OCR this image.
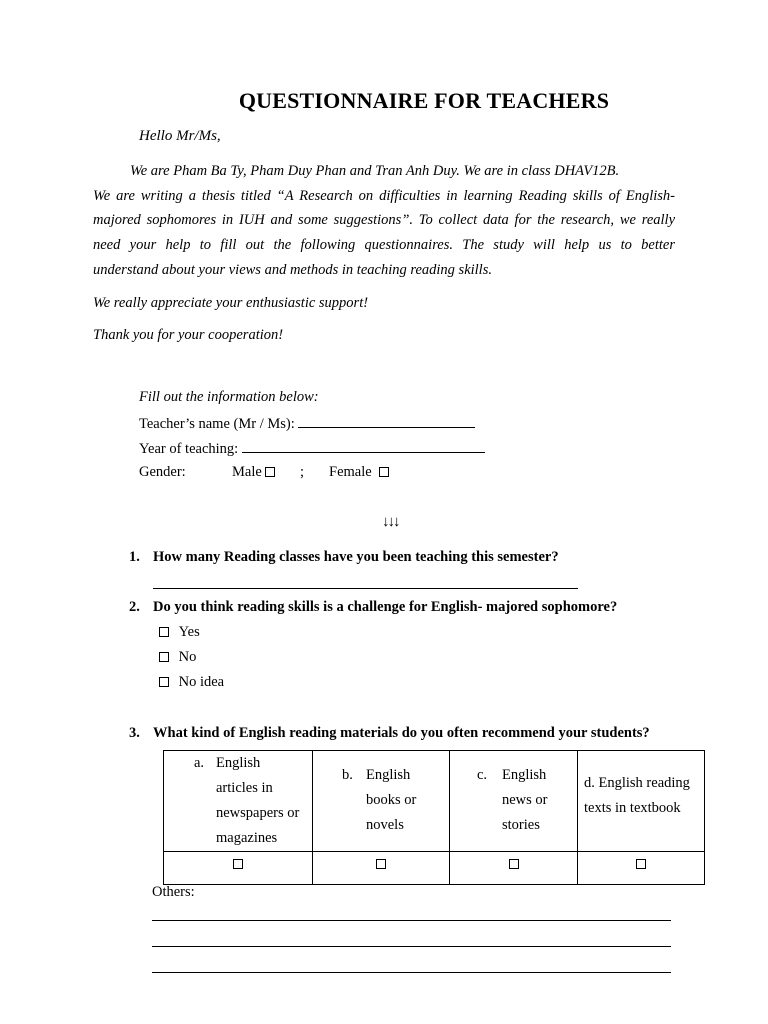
QUESTIONNAIRE FOR TEACHERS
Hello Mr/Ms,
We are Pham Ba Ty, Pham Duy Phan and Tran Anh Duy. We are in class DHAV12B.
We are writing a thesis titled “A Research on difficulties in learning Reading skills of English-
majored sophomores in IUH and some suggestions”. To collect data for the research, we really
need your help to fill out the following questionnaires. The study will help us to better
understand about your views and methods in teaching reading skills.
We really appreciate your enthusiastic support!
Thank you for your cooperation!
Fill out the information below:
Teacher’s name (Mr / Ms):
Year of teaching:
Gender:	Male	; Female
↓↓↓
1. How many Reading classes have you been teaching this semester?
2. Do you think reading skills is a challenge for English- majored sophomore?
Yes
No
No idea
3. What kind of English reading materials do you often recommend your students?
a. English
articles in
newspapers or
magazines	b. English
books or
novels	c. English
news or
stories	d. English reading
texts in textbook

Others:
